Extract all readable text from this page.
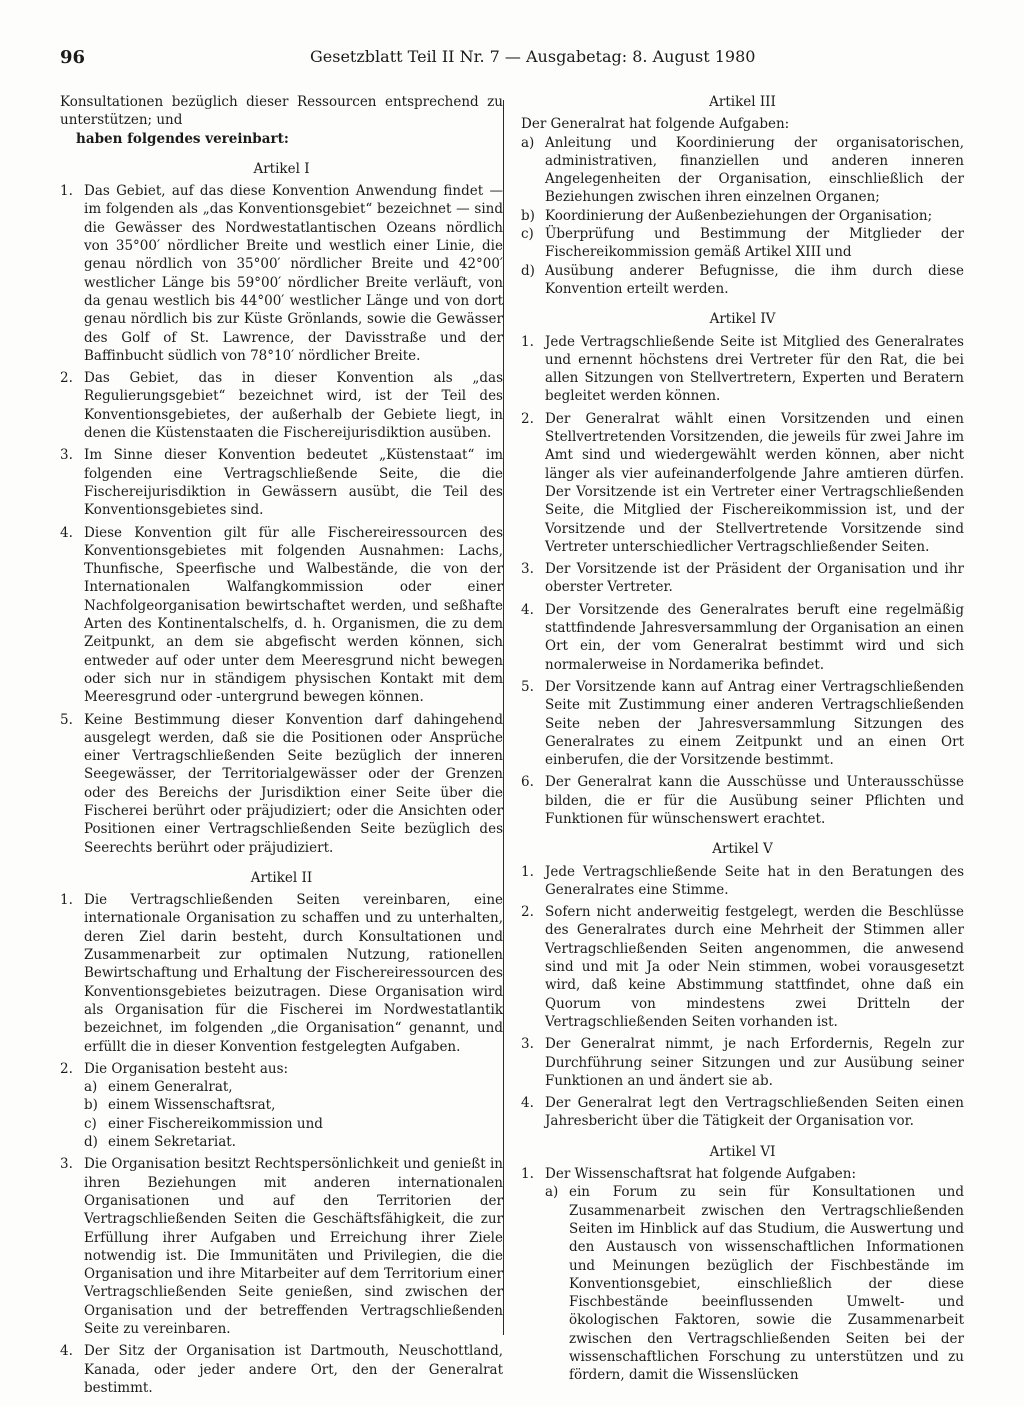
96	Gesetzblatt Teil II Nr. 7 — Ausgabetag: 8. August 1980

Konsultationen bezüglich dieser Ressourcen entsprechend zu unterstützen; und

haben folgendes vereinbart:

Artikel I
1. Das Gebiet, auf das diese Konvention Anwendung findet — im folgenden als „das Konventionsgebiet“ bezeichnet — sind die Gewässer des Nordwestatlantischen Ozeans nördlich von 35°00′ nördlicher Breite und westlich einer Linie, die genau nördlich von 35°00′ nördlicher Breite und 42°00′ westlicher Länge bis 59°00′ nördlicher Breite verläuft, von da genau westlich bis 44°00′ westlicher Länge und von dort genau nördlich bis zur Küste Grönlands, sowie die Gewässer des Golf of St. Lawrence, der Davisstraße und der Baffinbucht südlich von 78°10′ nördlicher Breite.
2. Das Gebiet, das in dieser Konvention als „das Regulierungsgebiet“ bezeichnet wird, ist der Teil des Konventionsgebietes, der außerhalb der Gebiete liegt, in denen die Küstenstaaten die Fischereijurisdiktion ausüben.
3. Im Sinne dieser Konvention bedeutet „Küstenstaat“ im folgenden eine Vertragschließende Seite, die die Fischereijurisdiktion in Gewässern ausübt, die Teil des Konventionsgebietes sind.
4. Diese Konvention gilt für alle Fischereiressourcen des Konventionsgebietes mit folgenden Ausnahmen: Lachs, Thunfische, Speerfische und Walbestände, die von der Internationalen Walfangkommission oder einer Nachfolgeorganisation bewirtschaftet werden, und seßhafte Arten des Kontinentalschelfs, d. h. Organismen, die zu dem Zeitpunkt, an dem sie abgefischt werden können, sich entweder auf oder unter dem Meeresgrund nicht bewegen oder sich nur in ständigem physischen Kontakt mit dem Meeresgrund oder -untergrund bewegen können.
5. Keine Bestimmung dieser Konvention darf dahingehend ausgelegt werden, daß sie die Positionen oder Ansprüche einer Vertragschließenden Seite bezüglich der inneren Seegewässer, der Territorialgewässer oder der Grenzen oder des Bereichs der Jurisdiktion einer Seite über die Fischerei berührt oder präjudiziert; oder die Ansichten oder Positionen einer Vertragschließenden Seite bezüglich des Seerechts berührt oder präjudiziert.
Artikel II
1. Die Vertragschließenden Seiten vereinbaren, eine internationale Organisation zu schaffen und zu unterhalten, deren Ziel darin besteht, durch Konsultationen und Zusammenarbeit zur optimalen Nutzung, rationellen Bewirtschaftung und Erhaltung der Fischereiressourcen des Konventionsgebietes beizutragen. Diese Organisation wird als Organisation für die Fischerei im Nordwestatlantik bezeichnet, im folgenden „die Organisation“ genannt, und erfüllt die in dieser Konvention festgelegten Aufgaben.
2. Die Organisation besteht aus:
a) einem Generalrat,
b) einem Wissenschaftsrat,
c) einer Fischereikommission und
d) einem Sekretariat.
3. Die Organisation besitzt Rechtspersönlichkeit und genießt in ihren Beziehungen mit anderen internationalen Organisationen und auf den Territorien der Vertragschließenden Seiten die Geschäftsfähigkeit, die zur Erfüllung ihrer Aufgaben und Erreichung ihrer Ziele notwendig ist. Die Immunitäten und Privilegien, die die Organisation und ihre Mitarbeiter auf dem Territorium einer Vertragschließenden Seite genießen, sind zwischen der Organisation und der betreffenden Vertragschließenden Seite zu vereinbaren.
4. Der Sitz der Organisation ist Dartmouth, Neuschottland, Kanada, oder jeder andere Ort, den der Generalrat bestimmt.
Artikel III

Der Generalrat hat folgende Aufgaben:

a) Anleitung und Koordinierung der organisatorischen, administrativen, finanziellen und anderen inneren Angelegenheiten der Organisation, einschließlich der Beziehungen zwischen ihren einzelnen Organen;
b) Koordinierung der Außenbeziehungen der Organisation;
c) Überprüfung und Bestimmung der Mitglieder der Fischereikommission gemäß Artikel XIII und
d) Ausübung anderer Befugnisse, die ihm durch diese Konvention erteilt werden.
Artikel IV
1. Jede Vertragschließende Seite ist Mitglied des Generalrates und ernennt höchstens drei Vertreter für den Rat, die bei allen Sitzungen von Stellvertretern, Experten und Beratern begleitet werden können.
2. Der Generalrat wählt einen Vorsitzenden und einen Stellvertretenden Vorsitzenden, die jeweils für zwei Jahre im Amt sind und wiedergewählt werden können, aber nicht länger als vier aufeinanderfolgende Jahre amtieren dürfen. Der Vorsitzende ist ein Vertreter einer Vertragschließenden Seite, die Mitglied der Fischereikommission ist, und der Vorsitzende und der Stellvertretende Vorsitzende sind Vertreter unterschiedlicher Vertragschließender Seiten.
3. Der Vorsitzende ist der Präsident der Organisation und ihr oberster Vertreter.
4. Der Vorsitzende des Generalrates beruft eine regelmäßig stattfindende Jahresversammlung der Organisation an einen Ort ein, der vom Generalrat bestimmt wird und sich normalerweise in Nordamerika befindet.
5. Der Vorsitzende kann auf Antrag einer Vertragschließenden Seite mit Zustimmung einer anderen Vertragschließenden Seite neben der Jahresversammlung Sitzungen des Generalrates zu einem Zeitpunkt und an einen Ort einberufen, die der Vorsitzende bestimmt.
6. Der Generalrat kann die Ausschüsse und Unterausschüsse bilden, die er für die Ausübung seiner Pflichten und Funktionen für wünschenswert erachtet.
Artikel V
1. Jede Vertragschließende Seite hat in den Beratungen des Generalrates eine Stimme.
2. Sofern nicht anderweitig festgelegt, werden die Beschlüsse des Generalrates durch eine Mehrheit der Stimmen aller Vertragschließenden Seiten angenommen, die anwesend sind und mit Ja oder Nein stimmen, wobei vorausgesetzt wird, daß keine Abstimmung stattfindet, ohne daß ein Quorum von mindestens zwei Dritteln der Vertragschließenden Seiten vorhanden ist.
3. Der Generalrat nimmt, je nach Erfordernis, Regeln zur Durchführung seiner Sitzungen und zur Ausübung seiner Funktionen an und ändert sie ab.
4. Der Generalrat legt den Vertragschließenden Seiten einen Jahresbericht über die Tätigkeit der Organisation vor.
Artikel VI
1. Der Wissenschaftsrat hat folgende Aufgaben:
a) ein Forum zu sein für Konsultationen und Zusammenarbeit zwischen den Vertragschließenden Seiten im Hinblick auf das Studium, die Auswertung und den Austausch von wissenschaftlichen Informationen und Meinungen bezüglich der Fischbestände im Konventionsgebiet, einschließlich der diese Fischbestände beeinflussenden Umwelt- und ökologischen Faktoren, sowie die Zusammenarbeit zwischen den Vertragschließenden Seiten bei der wissenschaftlichen Forschung zu unterstützen und zu fördern, damit die Wissenslücken
